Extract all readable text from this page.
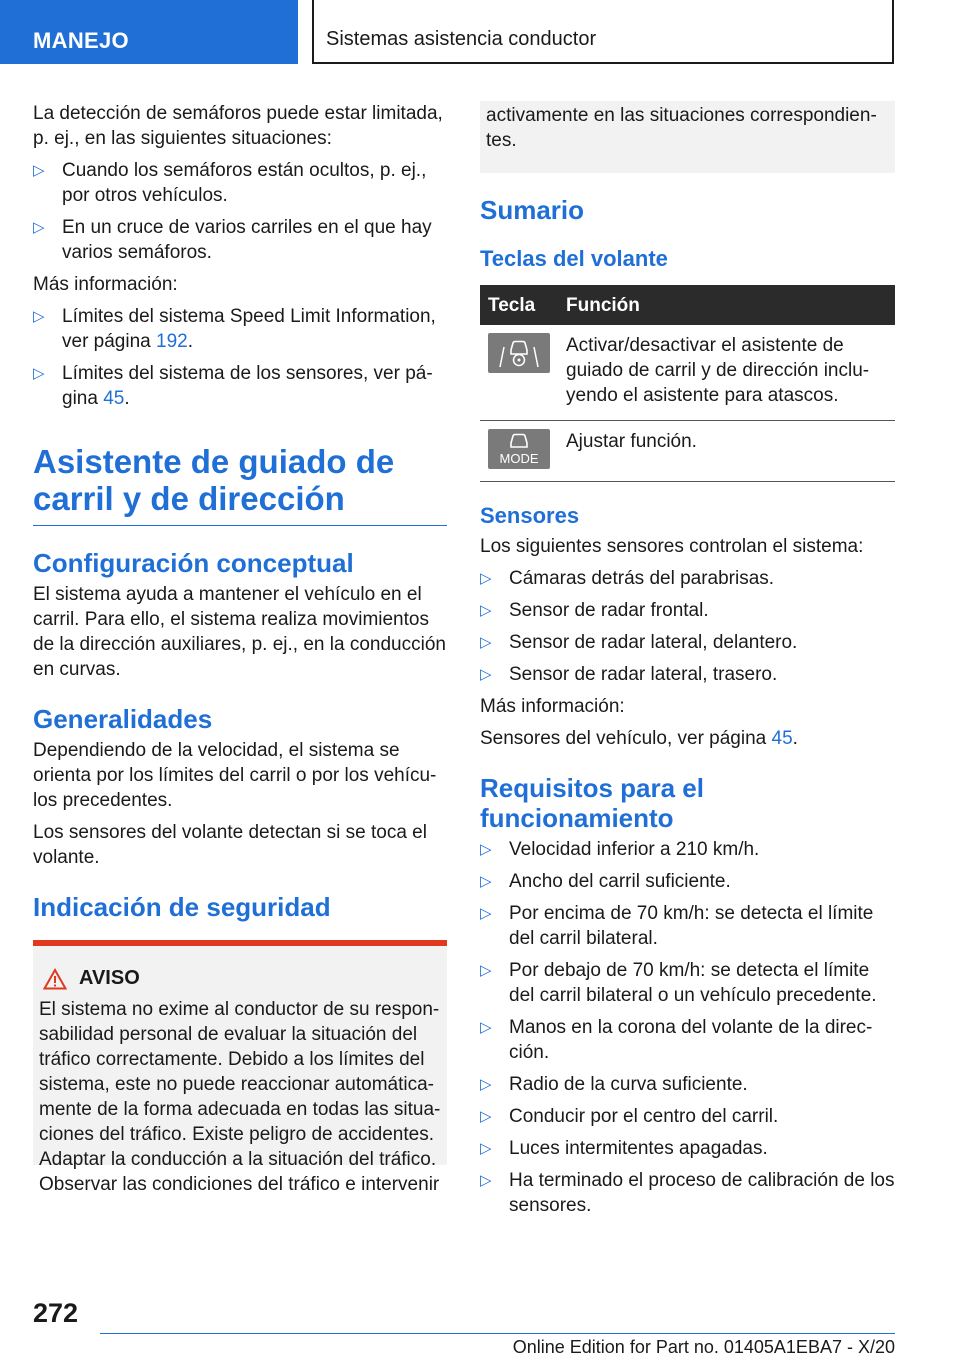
MANEJO	Sistemas asistencia conductor

La detección de semáforos puede estar limitada, p. ej., en las siguientes situaciones:

▷ Cuando los semáforos están ocultos, p. ej., por otros vehículos.
▷ En un cruce de varios carriles en el que hay varios semáforos.

Más información:

▷ Límites del sistema Speed Limit Information, ver página 192.
▷ Límites del sistema de los sensores, ver pá-gina 45.
Asistente de guiado de carril y de dirección
Configuración conceptual

El sistema ayuda a mantener el vehículo en el carril. Para ello, el sistema realiza movimientos de la dirección auxiliares, p. ej., en la conducción en curvas.

Generalidades

Dependiendo de la velocidad, el sistema se orienta por los límites del carril o por los vehícu-los precedentes.

Los sensores del volante detectan si se toca el volante.

Indicación de seguridad
AVISO
El sistema no exime al conductor de su respon-sabilidad personal de evaluar la situación del tráfico correctamente. Debido a los límites del sistema, este no puede reaccionar automática-mente de la forma adecuada en todas las situa-ciones del tráfico. Existe peligro de accidentes. Adaptar la conducción a la situación del tráfico. Observar las condiciones del tráfico e intervenir
activamente en las situaciones correspondien-tes.
Sumario
Teclas del volante
Tecla	Función

	Activar/desactivar el asistente de guiado de carril y de dirección inclu-yendo el asistente para atascos.

MODE	Ajustar función.
Sensores

Los siguientes sensores controlan el sistema:

▷ Cámaras detrás del parabrisas.
▷ Sensor de radar frontal.
▷ Sensor de radar lateral, delantero.
▷ Sensor de radar lateral, trasero.

Más información:

Sensores del vehículo, ver página 45.

Requisitos para el funcionamiento
▷ Velocidad inferior a 210 km/h.
▷ Ancho del carril suficiente.
▷ Por encima de 70 km/h: se detecta el límite del carril bilateral.
▷ Por debajo de 70 km/h: se detecta el límite del carril bilateral o un vehículo precedente.
▷ Manos en la corona del volante de la direc-ción.
▷ Radio de la curva suficiente.
▷ Conducir por el centro del carril.
▷ Luces intermitentes apagadas.
▷ Ha terminado el proceso de calibración de los sensores.
272
Online Edition for Part no. 01405A1EBA7 - X/20
